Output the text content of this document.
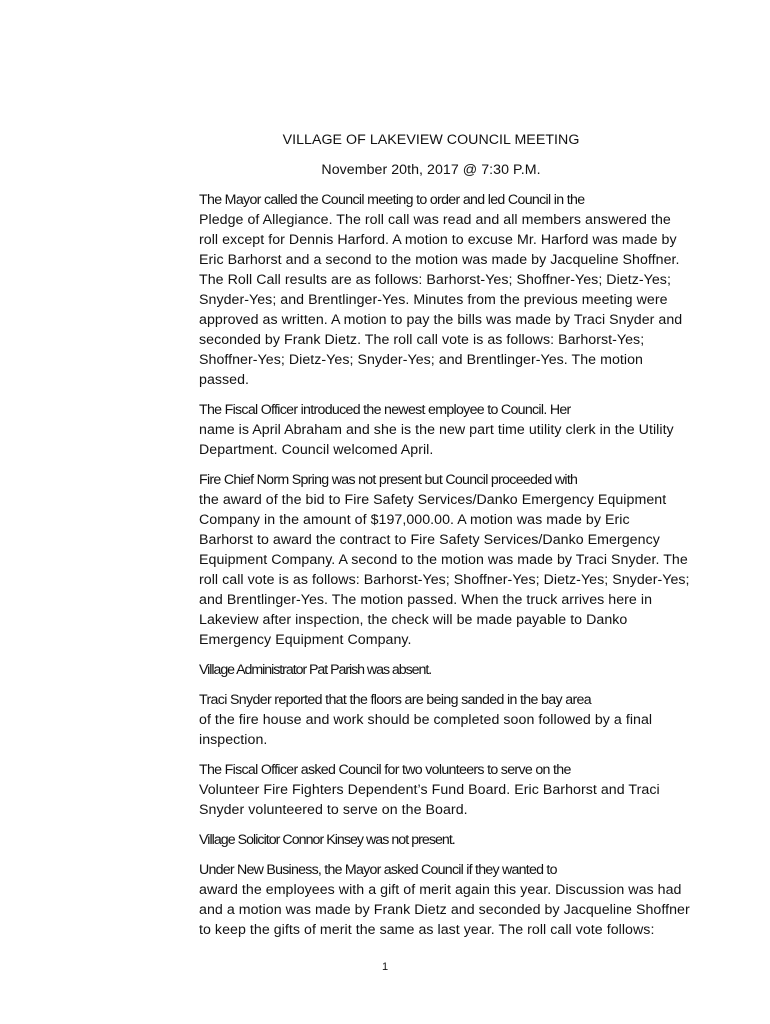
VILLAGE OF LAKEVIEW COUNCIL MEETING

November 20th, 2017 @ 7:30 P.M.

The Mayor called the Council meeting to order and led Council in the
Pledge of Allegiance. The roll call was read and all members answered the
roll except for Dennis Harford. A motion to excuse Mr. Harford was made by
Eric Barhorst and a second to the motion was made by Jacqueline Shoffner.
The Roll Call results are as follows: Barhorst-Yes; Shoffner-Yes; Dietz-Yes;
Snyder-Yes; and Brentlinger-Yes. Minutes from the previous meeting were
approved as written. A motion to pay the bills was made by Traci Snyder and
seconded by Frank Dietz. The roll call vote is as follows: Barhorst-Yes;
Shoffner-Yes; Dietz-Yes; Snyder-Yes; and Brentlinger-Yes. The motion
passed.

The Fiscal Officer introduced the newest employee to Council. Her
name is April Abraham and she is the new part time utility clerk in the Utility
Department. Council welcomed April.

Fire Chief Norm Spring was not present but Council proceeded with
the award of the bid to Fire Safety Services/Danko Emergency Equipment
Company in the amount of $197,000.00. A motion was made by Eric
Barhorst to award the contract to Fire Safety Services/Danko Emergency
Equipment Company. A second to the motion was made by Traci Snyder. The
roll call vote is as follows: Barhorst-Yes; Shoffner-Yes; Dietz-Yes; Snyder-Yes;
and Brentlinger-Yes. The motion passed. When the truck arrives here in
Lakeview after inspection, the check will be made payable to Danko
Emergency Equipment Company.

Village Administrator Pat Parish was absent.

Traci Snyder reported that the floors are being sanded in the bay area
of the fire house and work should be completed soon followed by a final
inspection.

The Fiscal Officer asked Council for two volunteers to serve on the
Volunteer Fire Fighters Dependent’s Fund Board. Eric Barhorst and Traci
Snyder volunteered to serve on the Board.

Village Solicitor Connor Kinsey was not present.

Under New Business, the Mayor asked Council if they wanted to
award the employees with a gift of merit again this year. Discussion was had
and a motion was made by Frank Dietz and seconded by Jacqueline Shoffner
to keep the gifts of merit the same as last year. The roll call vote follows:

1
